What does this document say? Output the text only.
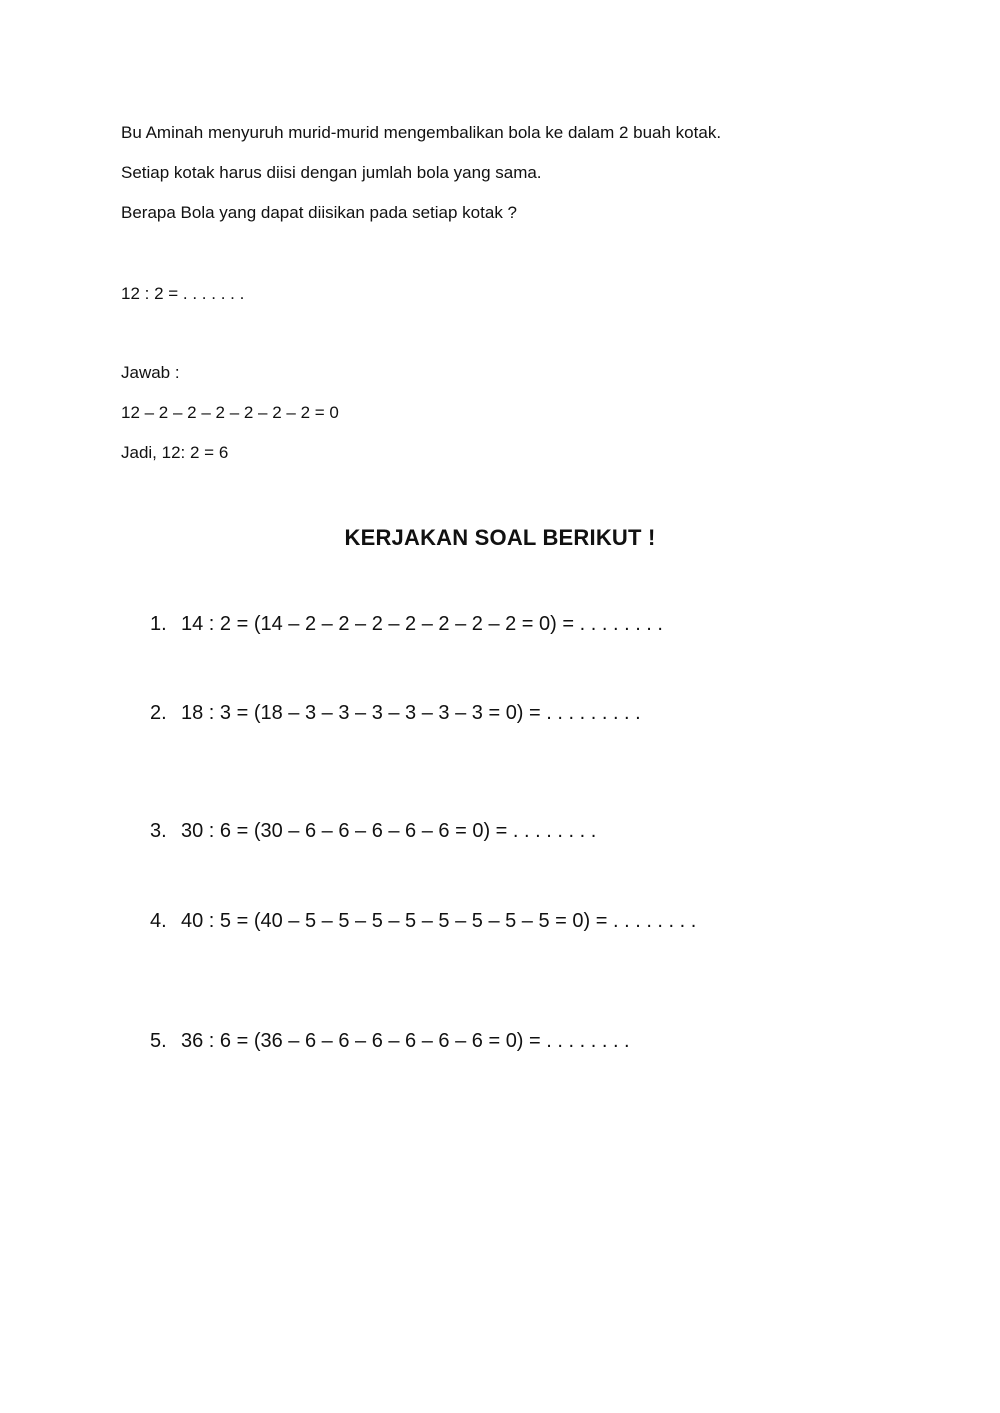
Bu Aminah menyuruh murid-murid mengembalikan bola ke dalam 2 buah kotak.
Setiap kotak harus diisi dengan jumlah bola yang sama.
Berapa Bola yang dapat diisikan pada setiap kotak ?
12 : 2 = . . . . . . .
Jawab :
12 – 2 – 2 – 2 – 2 – 2 – 2 = 0
Jadi, 12: 2 = 6
KERJAKAN SOAL BERIKUT !
1. 14 : 2 = (14 – 2 – 2 – 2 – 2 – 2 – 2 – 2 = 0) = . . . . . . . .
2. 18 : 3 = (18 – 3 – 3 – 3 – 3 – 3 – 3 = 0) = . . . . . . . . .
3. 30 : 6 = (30 – 6 – 6 – 6 – 6 – 6 = 0) = . . . . . . . .
4. 40 : 5 = (40 – 5 – 5 – 5 – 5 – 5 – 5 – 5 – 5 = 0) = . . . . . . . .
5. 36 : 6 = (36 – 6 – 6 – 6 – 6 – 6 – 6 = 0) = . . . . . . . .
